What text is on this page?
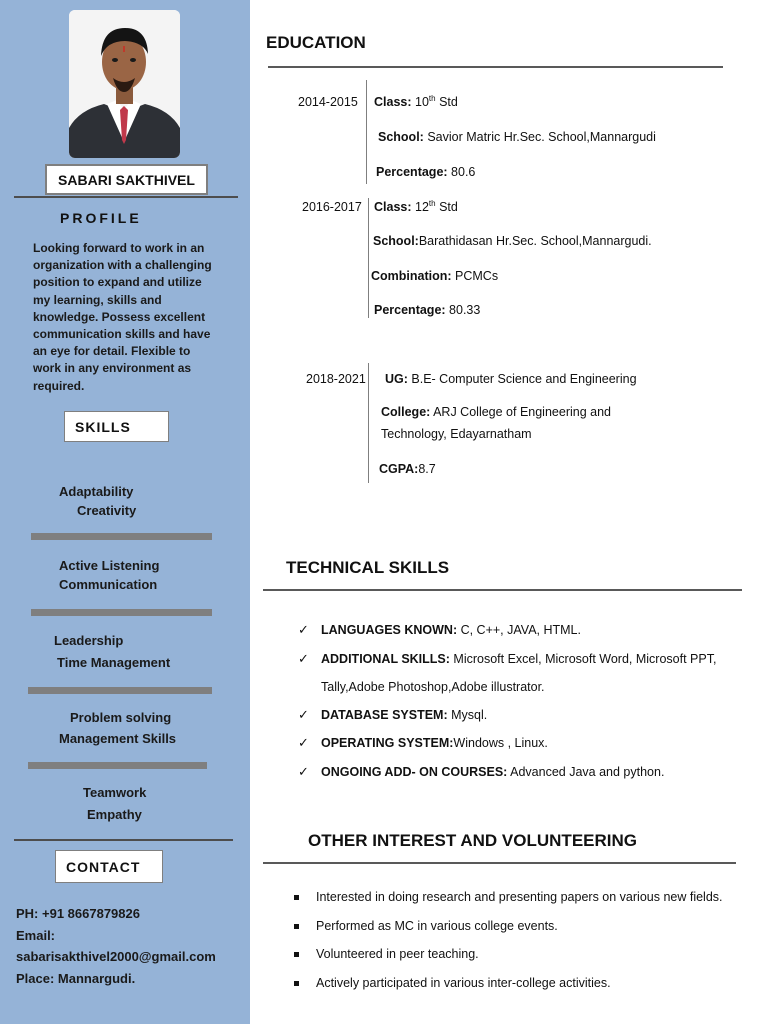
SABARI SAKTHIVEL
PROFILE
Looking forward to work in an organization with a challenging position to expand and utilize my learning, skills and knowledge. Possess excellent communication skills and have an eye for detail. Flexible to work in any environment as required.
SKILLS
Adaptability
Creativity
Active Listening
Communication
Leadership
Time Management
Problem solving
Management Skills
Teamwork
Empathy
CONTACT
PH: +91 8667879826
Email:
sabarisakthivel2000@gmail.com
Place: Mannargudi.
EDUCATION
2014-2015 Class: 10th Std
School: Savior Matric Hr.Sec. School,Mannargudi
Percentage: 80.6
2016-2017 Class: 12th Std
School:Barathidasan Hr.Sec. School,Mannargudi.
Combination: PCMCs
Percentage: 80.33
2018-2021 UG: B.E- Computer Science and Engineering
College: ARJ College of Engineering and
Technology, Edayarnatham
CGPA:8.7
TECHNICAL SKILLS
✓ LANGUAGES KNOWN: C, C++, JAVA, HTML.
✓ ADDITIONAL SKILLS: Microsoft Excel, Microsoft Word, Microsoft PPT, Tally,Adobe Photoshop,Adobe illustrator.
✓ DATABASE SYSTEM: Mysql.
✓ OPERATING SYSTEM:Windows , Linux.
✓ ONGOING ADD- ON COURSES: Advanced Java and python.
OTHER INTEREST AND VOLUNTEERING
Interested in doing research and presenting papers on various new fields.
Performed as MC in various college events.
Volunteered in peer teaching.
Actively participated in various inter-college activities.
